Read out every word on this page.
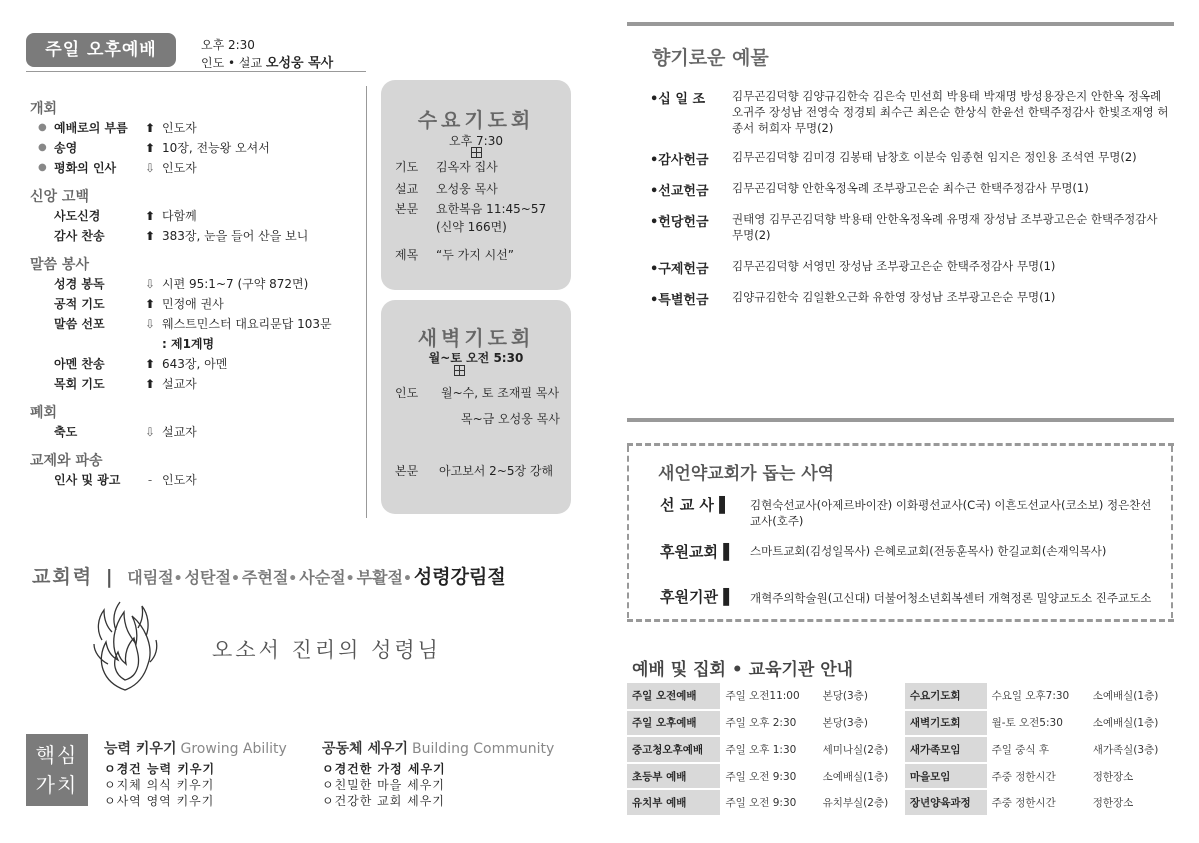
주일 오후예배	오후 2:30
인도 • 설교 오성웅 목사
개회
● 예배로의 부름 ⬆ 인도자
● 송영	⬆ 10장, 전능왕 오셔서
● 평화의 인사 ⇩ 인도자
신앙 고백
사도신경	⬆ 다함께
감사 찬송	⬆ 383장, 눈을 들어 산을 보니
말씀 봉사
성경 봉독	⇩ 시편 95:1~7 (구약 872면)
공적 기도	⬆ 민정애 권사
말씀 선포	⇩ 웨스트민스터 대요리문답 103문
: 제1계명
아멘 찬송	⬆ 643장, 아멘
목회 기도	⬆ 설교자
폐회
축도	⇩ 설교자
교제와 파송
인사 및 광고	- 인도자
수요기도회
오후 7:30
기도 김옥자 집사
설교 오성웅 목사
본문 요한복음 11:45~57
(신약 166면)
제목 “두 가지 시선”
새벽기도회
월~토 오전 5:30
인도 월~수, 토 조재필 목사
목~금 오성웅 목사
본문 아고보서 2~5장 강해
교회력 | 대림절•성탄절•주현절•사순절•부활절•성령강림절
오소서 진리의 성령님
핵심
가치
능력 키우기 Growing Ability
ㅇ경건 능력 키우기
ㅇ지체 의식 키우기
ㅇ사역 영역 키우기
공동체 세우기 Building Community
ㅇ경건한 가정 세우기
ㅇ친밀한 마을 세우기
ㅇ건강한 교회 세우기
향기로운 예물
•십 일 조 김무곤김덕향 김양규김한숙 김은숙 민선희 박용태 박재명 방성용장은지 안한옥 정옥례 오귀주 장성남 전영숙 정경퇴 최수근 최은순 한상식 한윤선 한택주정감사 한빛조재영 허종서 허희자 무명(2)
•감사헌금 김무곤김덕향 김미경 김봉태 남창호 이분숙 임종현 임지은 정인용 조석연 무명(2)
•선교헌금 김무곤김덕향 안한옥정옥례 조부광고은순 최수근 한택주정감사 무명(1)
•헌당헌금 권태영 김무곤김덕향 박용태 안한옥정옥례 유명재 장성남 조부광고은순 한택주정감사 무명(2)
•구제헌금 김무곤김덕향 서영민 장성남 조부광고은순 한택주정감사 무명(1)
•특별헌금 김양규김한숙 김일환오근화 유한영 장성남 조부광고은순 무명(1)
새언약교회가 돕는 사역
선 교 사 ▌ 김현숙선교사(아제르바이잔) 이화평선교사(C국) 이흔도선교사(코소보) 정은찬선교사(호주)
후원교회 ▌ 스마트교회(김성일목사) 은혜로교회(전동훈목사) 한길교회(손재익목사)
후원기관 ▌ 개혁주의학술원(고신대) 더불어청소년회복센터 개혁정론 밀양교도소 진주교도소
예배 및 집회 • 교육기관 안내
주일 오전예배	주일 오전11:00	본당(3층)	수요기도회	수요일 오후7:30	소예배실(1층)
주일 오후예배	주일 오후 2:30	본당(3층)	새벽기도회	월-토 오전5:30	소예배실(1층)
중고청오후예배	주일 오후 1:30	세미나실(2층)	새가족모임	주일 중식 후	새가족실(3층)
초등부 예배	주일 오전 9:30	소예배실(1층)	마을모임	주중 정한시간	정한장소
유치부 예배	주일 오전 9:30	유치부실(2층)	장년양육과정	주중 정한시간	정한장소
